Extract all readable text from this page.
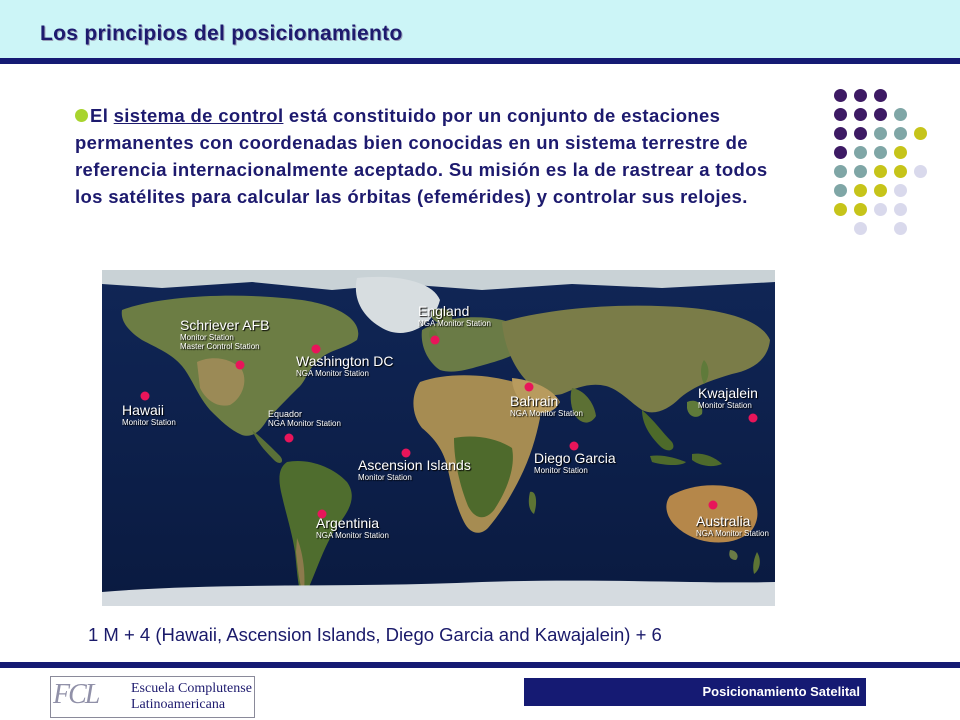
Los principios del posicionamiento
El sistema de control está constituido por un conjunto de estaciones permanentes con coordenadas bien conocidas en un sistema terrestre de referencia internacionalmente aceptado. Su misión es la de rastrear a todos los satélites para calcular las órbitas (efemérides) y controlar sus relojes.
Schriever AFB
Monitor Station
Master Control Station
England
NGA Monitor Station
Washington DC
NGA Monitor Station
Hawaii
Monitor Station
Bahrain
NGA Monitor Station
Kwajalein
Monitor Station
Equador
NGA Monitor Station
Ascension Islands
Monitor Station
Diego Garcia
Monitor Station
Argentinia
NGA Monitor Station
Australia
NGA Monitor Station
1 M + 4 (Hawaii, Ascension Islands, Diego Garcia and Kawajalein) + 6
FCL Escuela Complutense
Latinoamericana
Posicionamiento Satelital
